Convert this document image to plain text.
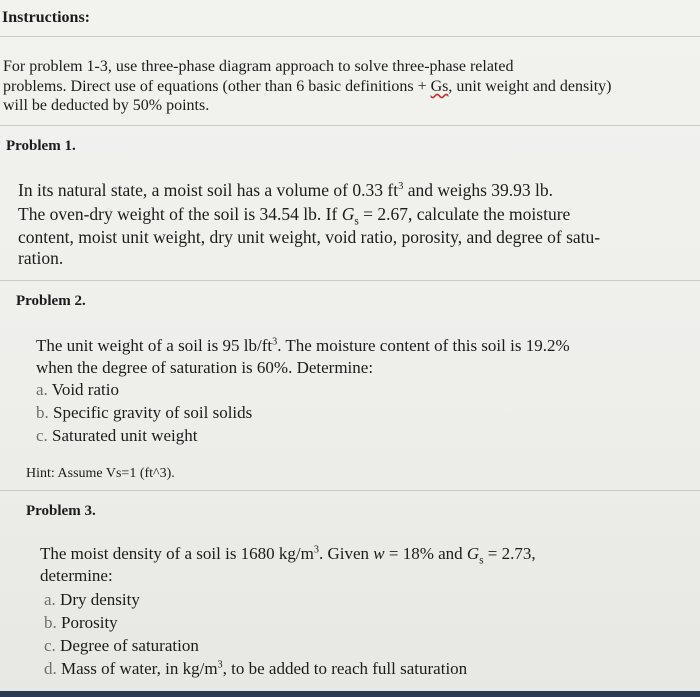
Instructions:
For problem 1-3, use three-phase diagram approach to solve three-phase related
problems. Direct use of equations (other than 6 basic definitions + Gs, unit weight and density)
will be deducted by 50% points.
Problem 1.
In its natural state, a moist soil has a volume of 0.33 $ft^3$ and weighs 39.93 lb.
The oven-dry weight of the soil is 34.54 lb. If $G_s = 2.67$, calculate the moisture
content, moist unit weight, dry unit weight, void ratio, porosity, and degree of satu-
ration.
Problem 2.
The unit weight of a soil is 95 $lb/ft^3$. The moisture content of this soil is 19.2%
when the degree of saturation is 60%. Determine:
a. Void ratio
b. Specific gravity of soil solids
c. Saturated unit weight
Hint: Assume Vs=1 (ft^3).
Problem 3.
The moist density of a soil is 1680 $kg/m^3$. Given w = 18% and $G_s = 2.73$,
determine:
a. Dry density
b. Porosity
c. Degree of saturation
d. Mass of water, in $kg/m^3$, to be added to reach full saturation
